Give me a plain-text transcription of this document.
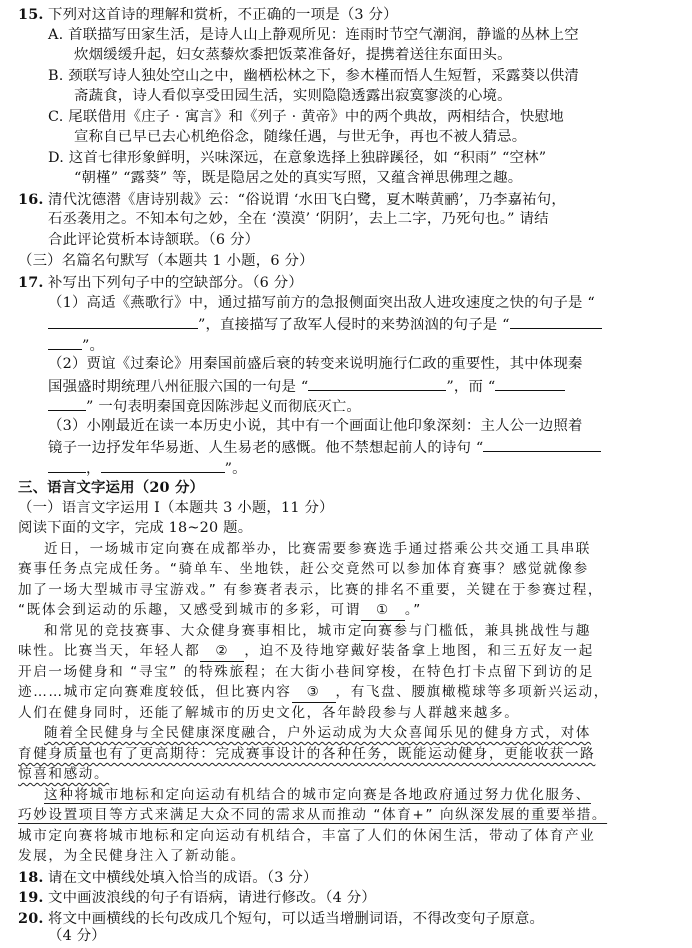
15. 下列对这首诗的理解和赏析，不正确的一项是（3 分）
A. 首联描写田家生活，是诗人山上静观所见：连雨时节空气潮润，静谧的丛林上空
炊烟缓缓升起，妇女蒸藜炊黍把饭菜准备好，提携着送往东面田头。
B. 颈联写诗人独处空山之中，幽栖松林之下，参木槿而悟人生短暂，采露葵以供清
斋蔬食，诗人看似享受田园生活，实则隐隐透露出寂寞寥淡的心境。
C. 尾联借用《庄子 · 寓言》和《列子 · 黄帝》中的两个典故，两相结合，快慰地
宣称自已早已去心机绝俗念，随缘任遇，与世无争，再也不被人猜忌。
D. 这首七律形象鲜明，兴味深远，在意象选择上独辟蹊径，如 “积雨” “空林”
“朝槿” “露葵” 等，既是隐居之处的真实写照，又蕴含禅思佛理之趣。
16. 清代沈德潜《唐诗别裁》云：“俗说谓 ‘水田飞白鹭，夏木啭黄鹂’，乃李嘉祐句，
石丞袭用之。不知本句之妙，全在 ‘漠漠’ ‘阴阴’，去上二字，乃死句也。” 请结
合此评论赏析本诗颔联。（6 分）
（三）名篇名句默写（本题共 1 小题，6 分）
17. 补写出下列句子中的空缺部分。（6 分）
（1）高适《燕歌行》中，通过描写前方的急报侧面突出敌人进攻速度之快的句子是 “
”，直接描写了敌军人侵时的来势汹汹的句子是 “
”。
（2）贾谊《过秦论》用秦国前盛后衰的转变来说明施行仁政的重要性，其中体现秦
国强盛时期统理八州征服六国的一句是 “	”，而 “
” 一句表明秦国竟因陈涉起义而彻底灭亡。
（3）小刚最近在读一本历史小说，其中有一个画面让他印象深刻：主人公一边照着
镜子一边抒发年华易逝、人生易老的感慨。他不禁想起前人的诗句 “
，	”。
三、语言文字运用（20 分）
（一）语言文字运用 Ⅰ（本题共 3 小题，11 分）
阅读下面的文字，完成 18~20 题。
近日，一场城市定向赛在成都举办，比赛需要参赛选手通过搭乘公共交通工具串联
赛事任务点完成任务。“骑单车、坐地铁，赶公交竟然可以参加体育赛事？感觉就像参
加了一场大型城市寻宝游戏。” 有参赛者表示，比赛的排名不重要，关键在于参赛过程，
“既体会到运动的乐趣，又感受到城市的多彩，可谓 ① 。”
和常见的竞技赛事、大众健身赛事相比，城市定向赛参与门槛低，兼具挑战性与趣
味性。比赛当天，年轻人都 ② ，迫不及待地穿戴好装备拿上地图，和三五好友一起
开启一场健身和 “寻宝” 的特殊旅程；在大街小巷间穿梭，在特色打卡点留下到访的足
迹……城市定向赛难度较低，但比赛内容 ③ ，有飞盘、腰旗橄榄球等多项新兴运动，
人们在健身同时，还能了解城市的历史文化，各年龄段参与人群越来越多。
随着全民健身与全民健康深度融合，户外运动成为大众喜闻乐见的健身方式，对体
育健身质量也有了更高期待：完成赛事设计的各种任务，既能运动健身，更能收获一路
惊喜和感动。
这种将城市地标和定向运动有机结合的城市定向赛是各地政府通过努力优化服务、
巧妙设置项目等方式来满足大众不同的需求从而推动 “体育+” 向纵深发展的重要举措。
城市定向赛将城市地标和定向运动有机结合，丰富了人们的休闲生活，带动了体育产业
发展，为全民健身注入了新动能。
18. 请在文中横线处填入恰当的成语。（3 分）
19. 文中画波浪线的句子有语病，请进行修改。（4 分）
20. 将文中画横线的长句改成几个短句，可以适当增删词语，不得改变句子原意。
（4 分）
